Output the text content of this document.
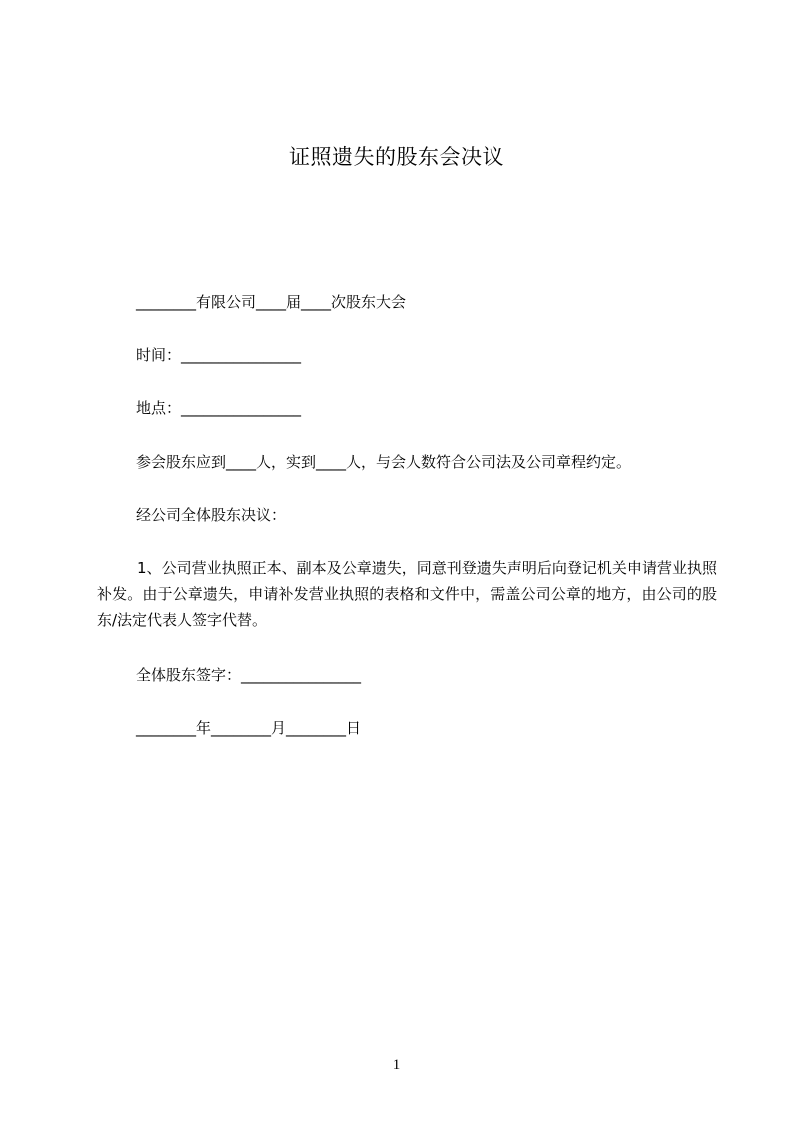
证照遗失的股东会决议
________有限公司____届____次股东大会
时间：________________
地点：________________
参会股东应到____人，实到____人，与会人数符合公司法及公司章程约定。
经公司全体股东决议：
1、公司营业执照正本、副本及公章遗失，同意刊登遗失声明后向登记机关申请营业执照补发。由于公章遗失，申请补发营业执照的表格和文件中，需盖公司公章的地方，由公司的股东/法定代表人签字代替。
全体股东签字：________________
________年________月________日
1
